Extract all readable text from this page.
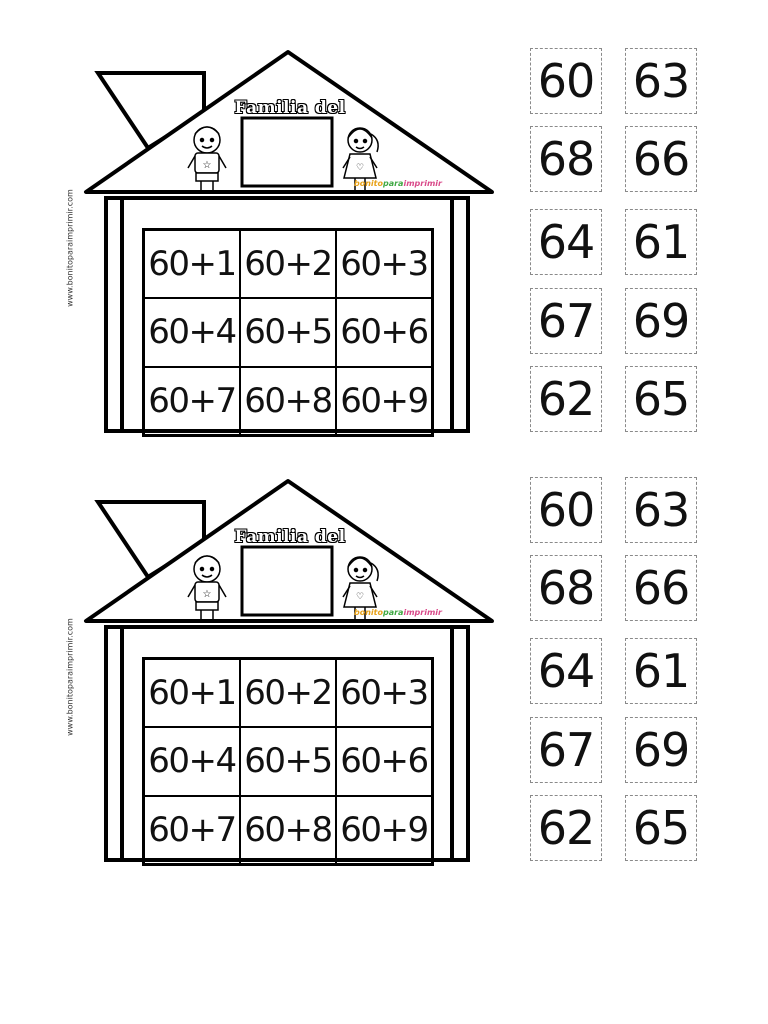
www.bonitoparaimprimir.com
☆	♡
Familia del
bonitoparaimprimir
60+1 60+2 60+3
60+4 60+5 60+6
60+7 60+8 60+9
60 63
68 66
64 61
67 69
62 65
www.bonitoparaimprimir.com
☆	♡
Familia del
bonitoparaimprimir
60+1 60+2 60+3
60+4 60+5 60+6
60+7 60+8 60+9
60 63
68 66
64 61
67 69
62 65
